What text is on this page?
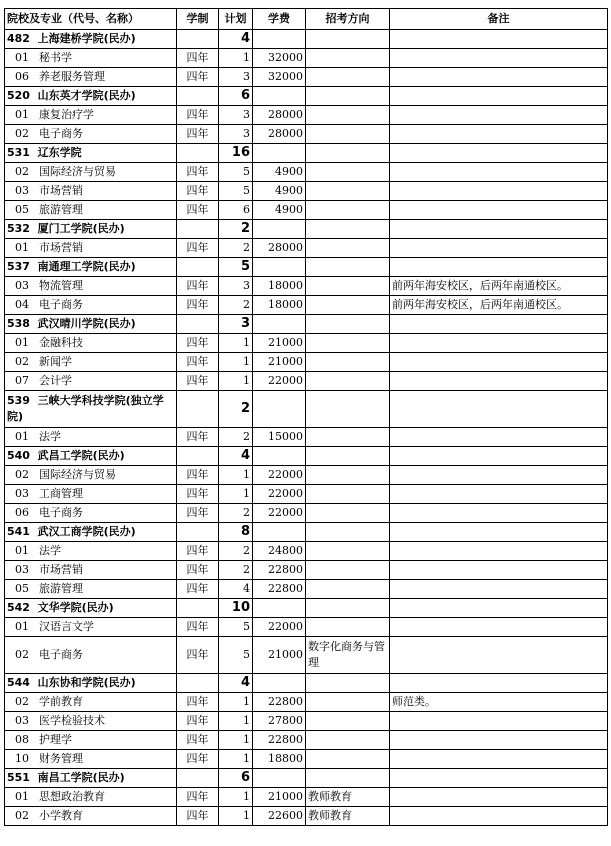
院校及专业（代号、名称）	学制	计划	学费	招考方向	备注
482 上海建桥学院(民办)		4			
01 秘书学	四年	1	32000		
06 养老服务管理	四年	3	32000		
520 山东英才学院(民办)		6			
01 康复治疗学	四年	3	28000		
02 电子商务	四年	3	28000		
531 辽东学院		16			
02 国际经济与贸易	四年	5	4900		
03 市场营销	四年	5	4900		
05 旅游管理	四年	6	4900		
532 厦门工学院(民办)		2			
01 市场营销	四年	2	28000		
537 南通理工学院(民办)		5			
03 物流管理	四年	3	18000		前两年海安校区，后两年南通校区。
04 电子商务	四年	2	18000		前两年海安校区，后两年南通校区。
538 武汉晴川学院(民办)		3			
01 金融科技	四年	1	21000		
02 新闻学	四年	1	21000		
07 会计学	四年	1	22000		
539 三峡大学科技学院(独立学院)		2			
01 法学	四年	2	15000		
540 武昌工学院(民办)		4			
02 国际经济与贸易	四年	1	22000		
03 工商管理	四年	1	22000		
06 电子商务	四年	2	22000		
541 武汉工商学院(民办)		8			
01 法学	四年	2	24800		
03 市场营销	四年	2	22800		
05 旅游管理	四年	4	22800		
542 文华学院(民办)		10			
01 汉语言文学	四年	5	22000		
02 电子商务	四年	5	21000	数字化商务与管理	
544 山东协和学院(民办)		4			
02 学前教育	四年	1	22800		师范类。
03 医学检验技术	四年	1	27800		
08 护理学	四年	1	22800		
10 财务管理	四年	1	18800		
551 南昌工学院(民办)		6			
01 思想政治教育	四年	1	21000	教师教育	
02 小学教育	四年	1	22600	教师教育	
